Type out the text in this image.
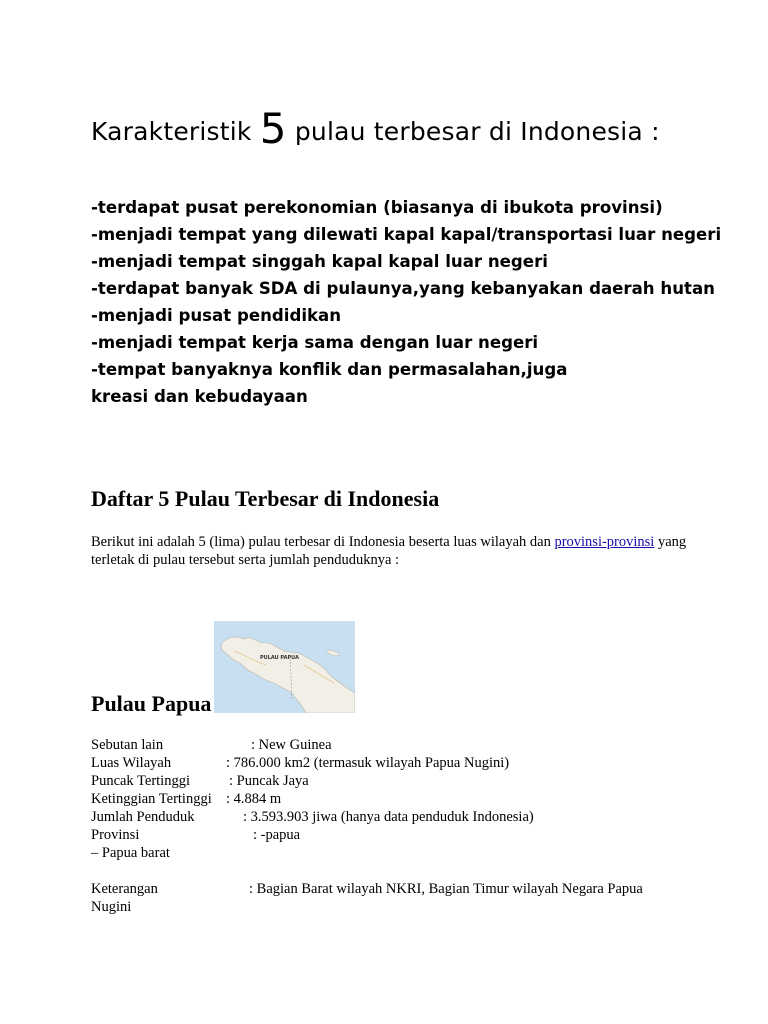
Karakteristik 5 pulau terbesar di Indonesia :
-terdapat pusat perekonomian (biasanya di ibukota provinsi)
-menjadi tempat yang dilewati kapal kapal/transportasi luar negeri
-menjadi tempat singgah kapal kapal luar negeri
-terdapat banyak SDA di pulaunya,yang kebanyakan daerah hutan
-menjadi pusat pendidikan
-menjadi tempat kerja sama dengan luar negeri
-tempat banyaknya konflik dan permasalahan,juga kreasi dan kebudayaan
Daftar 5 Pulau Terbesar di Indonesia
Berikut ini adalah 5 (lima) pulau terbesar di Indonesia beserta luas wilayah dan provinsi-provinsi yang terletak di pulau tersebut serta jumlah penduduknya :
PULAU PAPUA
Pulau Papua
Sebutan lain	: New Guinea
Luas Wilayah	: 786.000 km2 (termasuk wilayah Papua Nugini)
Puncak Tertinggi	: Puncak Jaya
Ketinggian Tertinggi : 4.884 m
Jumlah Penduduk	: 3.593.903 jiwa (hanya data penduduk Indonesia)
Provinsi	: -papua
– Papua barat
Keterangan	: Bagian Barat wilayah NKRI, Bagian Timur wilayah Negara Papua Nugini
